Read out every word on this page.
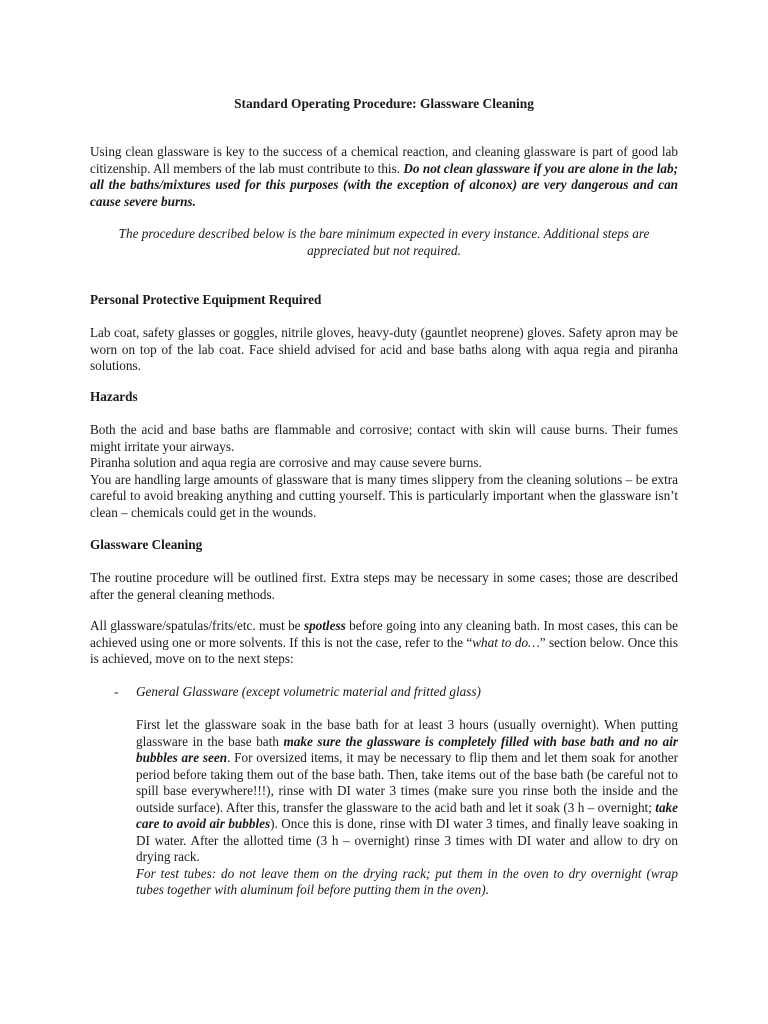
Standard Operating Procedure: Glassware Cleaning

Using clean glassware is key to the success of a chemical reaction, and cleaning glassware is part of good lab citizenship. All members of the lab must contribute to this. Do not clean glassware if you are alone in the lab; all the baths/mixtures used for this purposes (with the exception of alconox) are very dangerous and can cause severe burns.

The procedure described below is the bare minimum expected in every instance. Additional steps are appreciated but not required.

Personal Protective Equipment Required

Lab coat, safety glasses or goggles, nitrile gloves, heavy-duty (gauntlet neoprene) gloves. Safety apron may be worn on top of the lab coat. Face shield advised for acid and base baths along with aqua regia and piranha solutions.

Hazards
Both the acid and base baths are flammable and corrosive; contact with skin will cause burns. Their fumes might irritate your airways.
Piranha solution and aqua regia are corrosive and may cause severe burns.
You are handling large amounts of glassware that is many times slippery from the cleaning solutions – be extra careful to avoid breaking anything and cutting yourself. This is particularly important when the glassware isn’t clean – chemicals could get in the wounds.
Glassware Cleaning

The routine procedure will be outlined first. Extra steps may be necessary in some cases; those are described after the general cleaning methods.

All glassware/spatulas/frits/etc. must be spotless before going into any cleaning bath. In most cases, this can be achieved using one or more solvents. If this is not the case, refer to the “what to do…” section below. Once this is achieved, move on to the next steps:

- General Glassware (except volumetric material and fritted glass)

First let the glassware soak in the base bath for at least 3 hours (usually overnight). When putting glassware in the base bath make sure the glassware is completely filled with base bath and no air bubbles are seen. For oversized items, it may be necessary to flip them and let them soak for another period before taking them out of the base bath. Then, take items out of the base bath (be careful not to spill base everywhere!!!), rinse with DI water 3 times (make sure you rinse both the inside and the outside surface). After this, transfer the glassware to the acid bath and let it soak (3 h – overnight; take care to avoid air bubbles). Once this is done, rinse with DI water 3 times, and finally leave soaking in DI water. After the allotted time (3 h – overnight) rinse 3 times with DI water and allow to dry on drying rack.
For test tubes: do not leave them on the drying rack; put them in the oven to dry overnight (wrap tubes together with aluminum foil before putting them in the oven).
